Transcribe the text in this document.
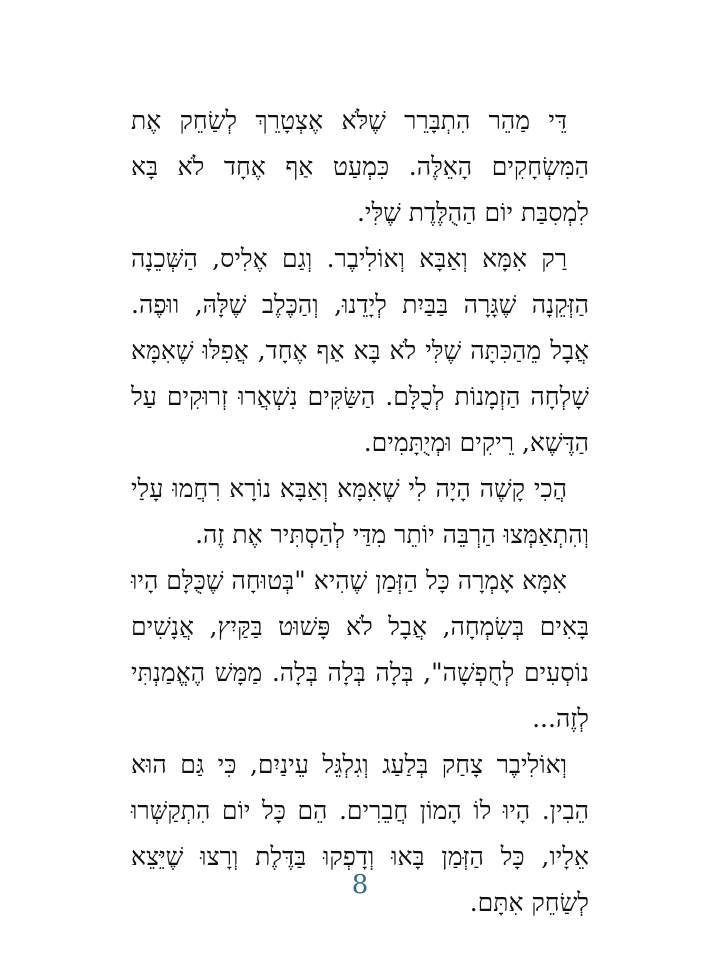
דֵּי מַהֵר הִתְבָּרֵר שֶׁלֹּא אֶצְטָרֵךְ לְשַׂחֵק אֶת הַמִּשְׂחָקִים הָאֵלֶּה. כִּמְעַט אַף אֶחָד לֹא בָּא לִמְסִבַּת יוֹם הַהֻלֶּדֶת שֶׁלִּי.

רַק אִמָּא וְאַבָּא וְאוֹלִיבֶר. וְגַם אֶלִיס, הַשְּׁכֵנָה הַזְּקֵנָה שֶׁגָּרָה בַּבַּיִת לְיָדֵנוּ, וְהַכֶּלֶב שֶׁלָּהּ, ווּפֶה. אֲבָל מֵהַכִּתָּה שֶׁלִּי לֹא בָּא אַף אֶחָד, אֲפִלּוּ שֶׁאִמָּא שָׁלְחָה הַזְמָנוֹת לְכֻלָּם. הַשַּׂקִּים נִשְׁאֲרוּ זְרוּקִים עַל הַדֶּשֶׁא, רֵיקִים וּמְיֻתָּמִים.

הֲכִי קָשֶׁה הָיָה לִי שֶׁאִמָּא וְאַבָּא נוֹרָא רִחֲמוּ עָלַי וְהִתְאַמְּצוּ הַרְבֵּה יוֹתֵר מִדַּי לְהַסְתִּיר אֶת זֶה.

אִמָּא אָמְרָה כָּל הַזְּמַן שֶׁהִיא "בְּטוּחָה שֶׁכֻּלָּם הָיוּ בָּאִים בְּשִׂמְחָה, אֲבָל לֹא פָּשׁוּט בַּקַּיִץ, אֲנָשִׁים נוֹסְעִים לְחֻפְשָׁה", בְּלָה בְּלָה בְּלָה. מַמָּשׁ הֶאֱמַנְתִּי לְזֶה...

וְאוֹלִיבֶר צָחַק בְּלַעַג וְגִלְגֵּל עֵינַיִם, כִּי גַּם הוּא הֵבִין. הָיוּ לוֹ הָמוֹן חֲבֵרִים. הֵם כָּל יוֹם הִתְקַשְּׁרוּ אֵלָיו, כָּל הַזְּמַן בָּאוּ וְדָפְקוּ בַּדֶּלֶת וְרָצוּ שֶׁיֵּצֵא לְשַׂחֵק אִתָּם.

8
